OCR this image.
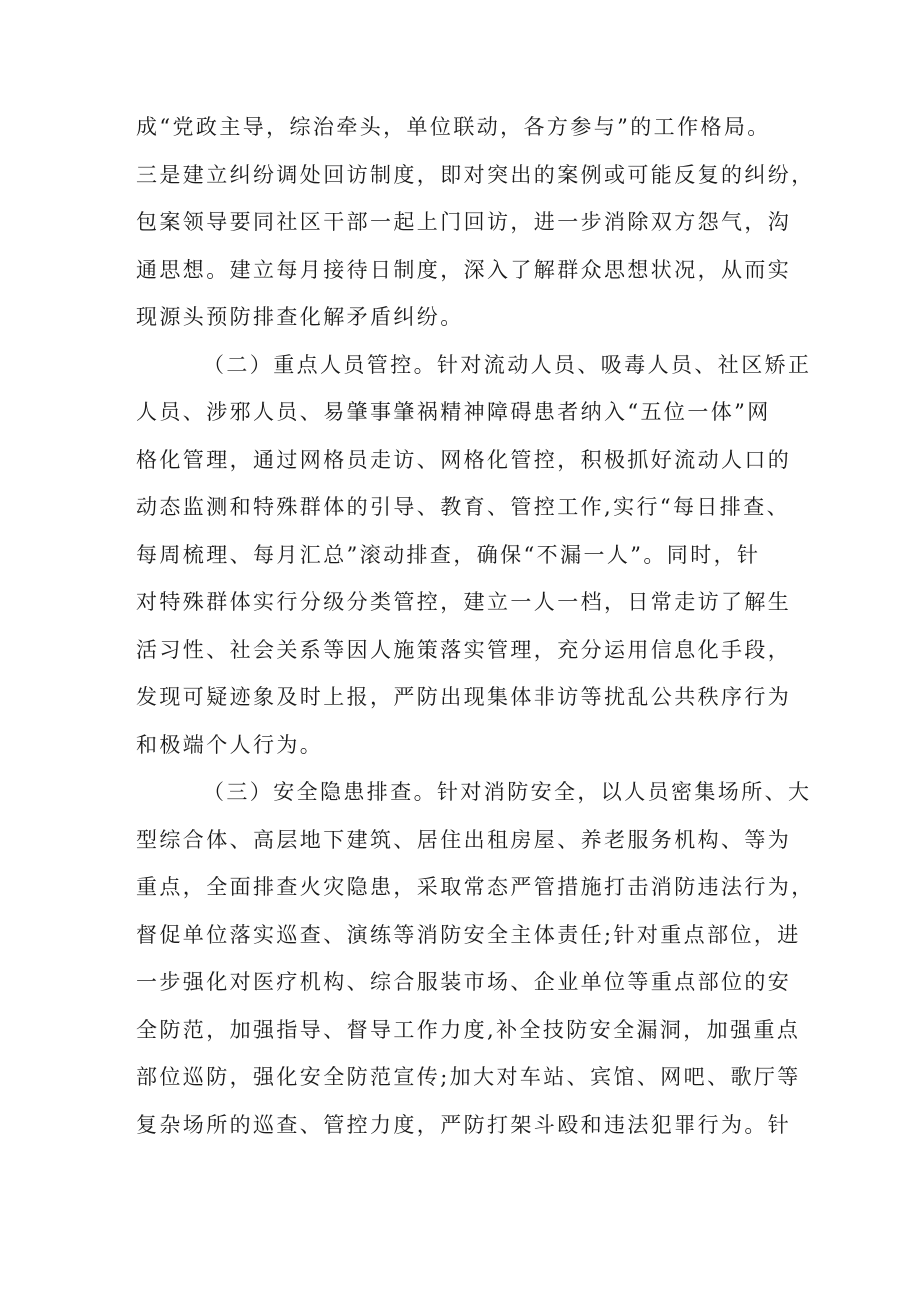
成“党政主导，综治牵头，单位联动，各方参与”的工作格局。
三是建立纠纷调处回访制度，即对突出的案例或可能反复的纠纷，
包案领导要同社区干部一起上门回访，进一步消除双方怨气，沟
通思想。建立每月接待日制度，深入了解群众思想状况，从而实
现源头预防排查化解矛盾纠纷。
（二）重点人员管控。针对流动人员、吸毒人员、社区矫正
人员、涉邪人员、易肇事肇祸精神障碍患者纳入“五位一体”网
格化管理，通过网格员走访、网格化管控，积极抓好流动人口的
动态监测和特殊群体的引导、教育、管控工作,实行“每日排查、
每周梳理、每月汇总”滚动排查，确保“不漏一人”。同时，针
对特殊群体实行分级分类管控，建立一人一档，日常走访了解生
活习性、社会关系等因人施策落实管理，充分运用信息化手段，
发现可疑迹象及时上报，严防出现集体非访等扰乱公共秩序行为
和极端个人行为。
（三）安全隐患排查。针对消防安全，以人员密集场所、大
型综合体、高层地下建筑、居住出租房屋、养老服务机构、等为
重点，全面排查火灾隐患，采取常态严管措施打击消防违法行为，
督促单位落实巡查、演练等消防安全主体责任;针对重点部位，进
一步强化对医疗机构、综合服装市场、企业单位等重点部位的安
全防范，加强指导、督导工作力度,补全技防安全漏洞，加强重点
部位巡防，强化安全防范宣传;加大对车站、宾馆、网吧、歌厅等
复杂场所的巡查、管控力度，严防打架斗殴和违法犯罪行为。针
